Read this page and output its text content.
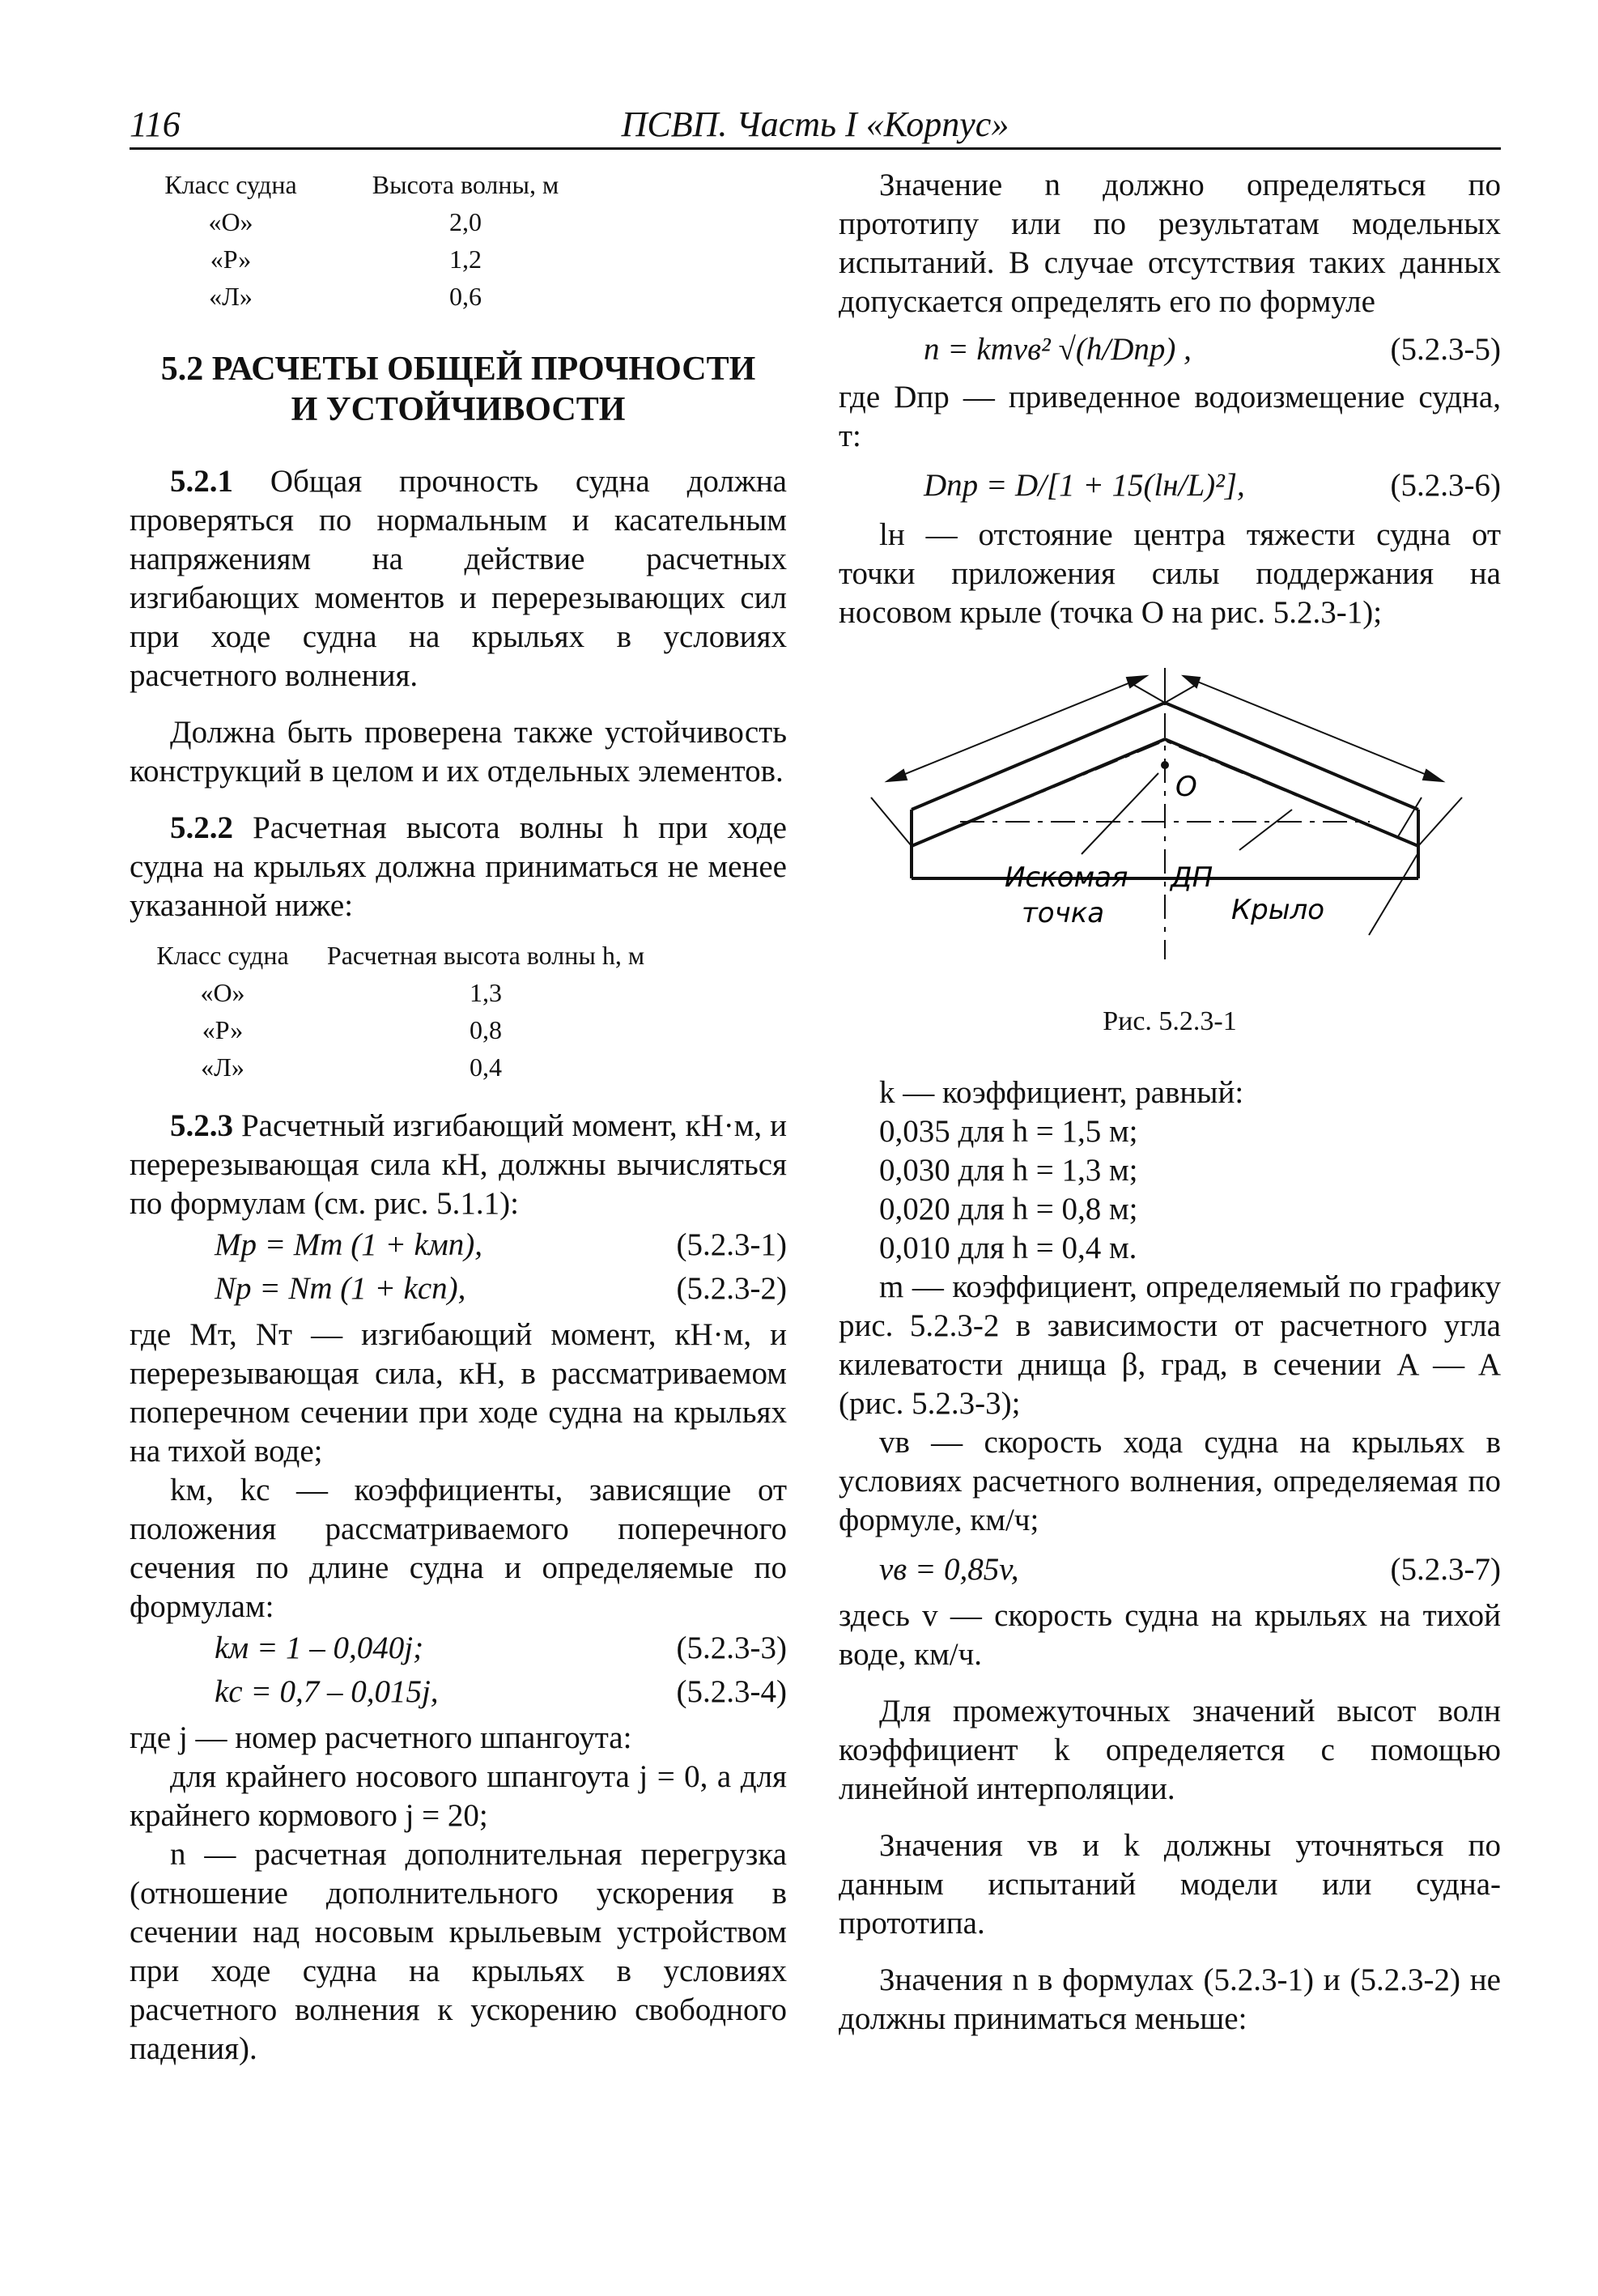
116	ПСВП. Часть I «Корпус»
Класс судна	Высота волны, м
«О»	2,0
«Р»	1,2
«Л»	0,6
5.2 РАСЧЕТЫ ОБЩЕЙ ПРОЧНОСТИ
И УСТОЙЧИВОСТИ

5.2.1 Общая прочность судна должна проверяться по нормальным и касательным напряжениям на действие расчетных изгибающих моментов и перерезывающих сил при ходе судна на крыльях в условиях расчетного волнения.

Должна быть проверена также устойчивость конструкций в целом и их отдельных элементов.

5.2.2 Расчетная высота волны h при ходе судна на крыльях должна приниматься не менее указанной ниже:

Класс судна	Расчетная высота волны h, м
«О»	1,3
«Р»	0,8
«Л»	0,4

5.2.3 Расчетный изгибающий момент, кН·м, и перерезывающая сила кН, должны вычисляться по формулам (см. рис. 5.1.1):

Mр = Mт (1 + kмn),	(5.2.3-1)
Nр = Nт (1 + kсn),	(5.2.3-2)

где Mт, Nт — изгибающий момент, кН·м, и перерезывающая сила, кН, в рассматриваемом поперечном сечении при ходе судна на крыльях на тихой воде;

kм, kс — коэффициенты, зависящие от положения рассматриваемого поперечного сечения по длине судна и определяемые по формулам:

kм = 1 – 0,040j;	(5.2.3-3)
kс = 0,7 – 0,015j,	(5.2.3-4)

где j — номер расчетного шпангоута:

для крайнего носового шпангоута j = 0, а для крайнего кормового j = 20;

n — расчетная дополнительная перегрузка (отношение дополнительного ускорения в сечении над носовым крыльевым устройством при ходе судна на крыльях в условиях расчетного волнения к ускорению свободного падения).

Значение n должно определяться по прототипу или по результатам модельных испытаний. В случае отсутствия таких данных допускается определять его по формуле

n = kmvв² √(h/Dпр) ,	(5.2.3-5)

где Dпр — приведенное водоизмещение судна, т:

Dпр = D/[1 + 15(lн/L)²],	(5.2.3-6)

lн — отстояние центра тяжести судна от точки приложения силы поддержания на носовом крыле (точка О на рис. 5.2.3-1);

О
Искомая
точка
ДП
Крыло
Рис. 5.2.3-1

k — коэффициент, равный:

0,035 для h = 1,5 м;

0,030 для h = 1,3 м;

0,020 для h = 0,8 м;

0,010 для h = 0,4 м.

m — коэффициент, определяемый по графику рис. 5.2.3-2 в зависимости от расчетного угла килеватости днища β, град, в сечении A — A (рис. 5.2.3-3);

vв — скорость хода судна на крыльях в условиях расчетного волнения, определяемая по формуле, км/ч;

vв = 0,85v,	(5.2.3-7)

здесь v — скорость судна на крыльях на тихой воде, км/ч.

Для промежуточных значений высот волн коэффициент k определяется с помощью линейной интерполяции.

Значения vв и k должны уточняться по данным испытаний модели или судна-прототипа.

Значения n в формулах (5.2.3-1) и (5.2.3-2) не должны приниматься меньше:
